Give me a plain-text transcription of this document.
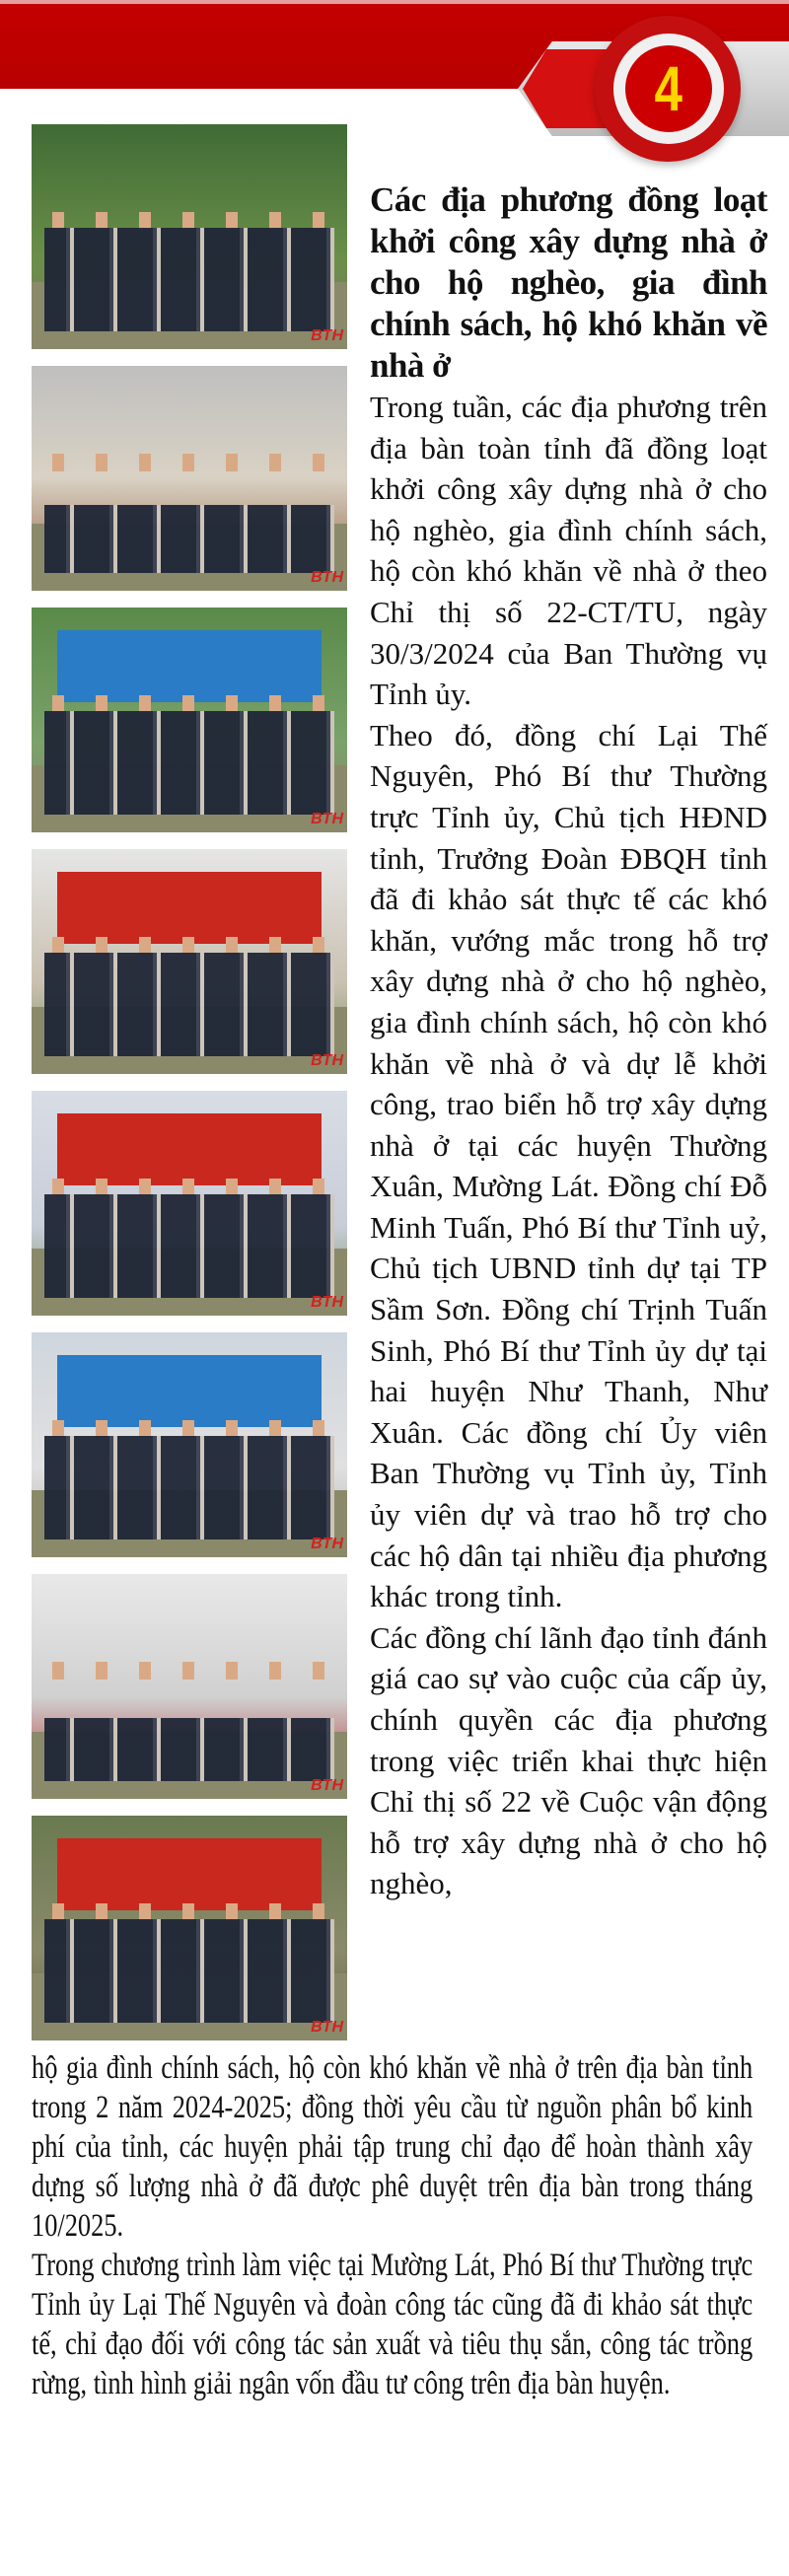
4
BTH
BTH
BTH
BTH
BTH
BTH
BTH
BTH
Các địa phương đồng loạt khởi công xây dựng nhà ở cho hộ nghèo, gia đình chính sách, hộ khó khăn về nhà ở

Trong tuần, các địa phương trên địa bàn toàn tỉnh đã đồng loạt khởi công xây dựng nhà ở cho hộ nghèo, gia đình chính sách, hộ còn khó khăn về nhà ở theo Chỉ thị số 22-CT/TU, ngày 30/3/2024 của Ban Thường vụ Tỉnh ủy.

Theo đó, đồng chí Lại Thế Nguyên, Phó Bí thư Thường trực Tỉnh ủy, Chủ tịch HĐND tỉnh, Trưởng Đoàn ĐBQH tỉnh đã đi khảo sát thực tế các khó khăn, vướng mắc trong hỗ trợ xây dựng nhà ở cho hộ nghèo, gia đình chính sách, hộ còn khó khăn về nhà ở và dự lễ khởi công, trao biển hỗ trợ xây dựng nhà ở tại các huyện Thường Xuân, Mường Lát. Đồng chí Đỗ Minh Tuấn, Phó Bí thư Tỉnh uỷ, Chủ tịch UBND tỉnh dự tại TP Sầm Sơn. Đồng chí Trịnh Tuấn Sinh, Phó Bí thư Tỉnh ủy dự tại hai huyện Như Thanh, Như Xuân. Các đồng chí Ủy viên Ban Thường vụ Tỉnh ủy, Tỉnh ủy viên dự và trao hỗ trợ cho các hộ dân tại nhiều địa phương khác trong tỉnh.

Các đồng chí lãnh đạo tỉnh đánh giá cao sự vào cuộc của cấp ủy, chính quyền các địa phương trong việc triển khai thực hiện Chỉ thị số 22 về Cuộc vận động hỗ trợ xây dựng nhà ở cho hộ nghèo,

hộ gia đình chính sách, hộ còn khó khăn về nhà ở trên địa bàn tỉnh trong 2 năm 2024-2025; đồng thời yêu cầu từ nguồn phân bổ kinh phí của tỉnh, các huyện phải tập trung chỉ đạo để hoàn thành xây dựng số lượng nhà ở đã được phê duyệt trên địa bàn trong tháng 10/2025.

Trong chương trình làm việc tại Mường Lát, Phó Bí thư Thường trực Tỉnh ủy Lại Thế Nguyên và đoàn công tác cũng đã đi khảo sát thực tế, chỉ đạo đối với công tác sản xuất và tiêu thụ sắn, công tác trồng rừng, tình hình giải ngân vốn đầu tư công trên địa bàn huyện.
